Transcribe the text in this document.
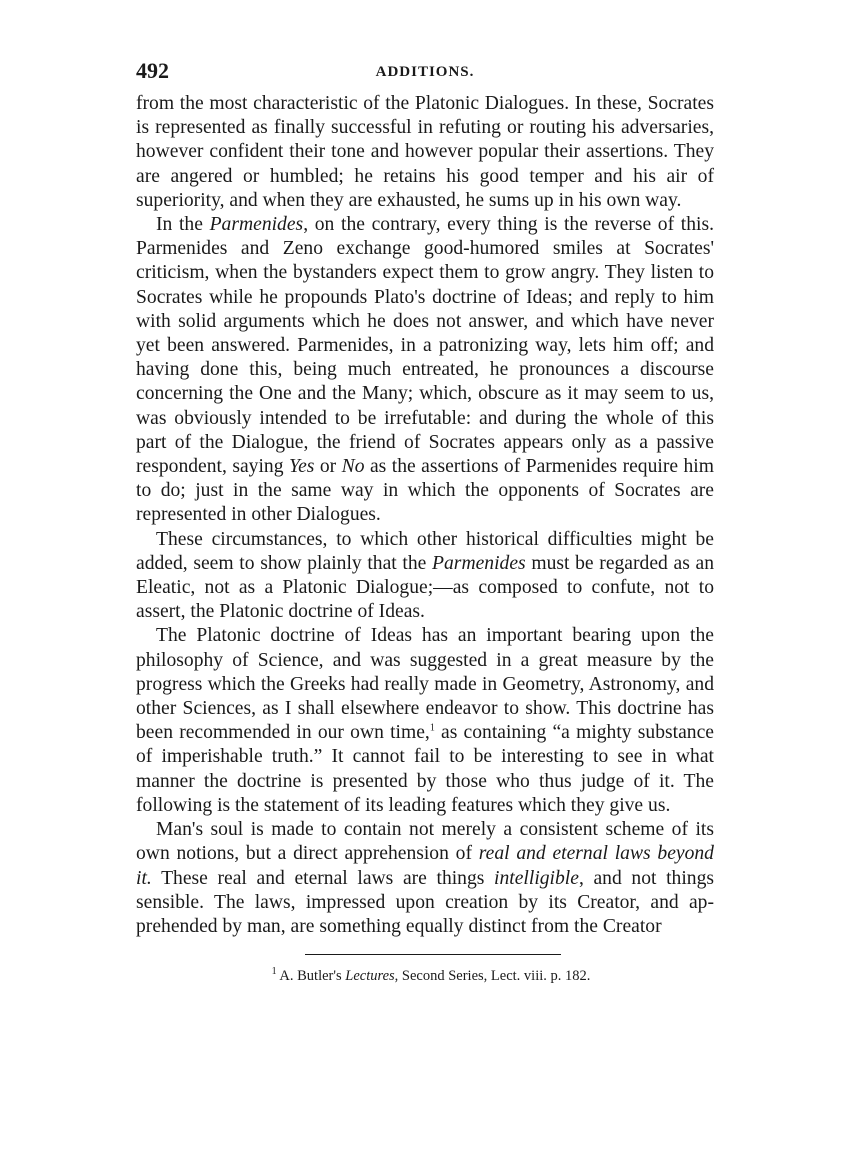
492	ADDITIONS.

from the most characteristic of the Platonic Dialogues. In these, Socrates is represented as finally successful in refuting or routing his adversaries, however confident their tone and however popular their assertions. They are angered or humbled; he retains his good temper and his air of superiority, and when they are exhausted, he sums up in his own way.

In the Parmenides, on the contrary, every thing is the reverse of this. Parmenides and Zeno exchange good-humored smiles at Socrates' criticism, when the bystanders expect them to grow angry. They listen to Socrates while he propounds Plato's doctrine of Ideas; and reply to him with solid arguments which he does not answer, and which have never yet been answered. Parmenides, in a patronizing way, lets him off; and having done this, being much entreated, he pronounces a discourse concerning the One and the Many; which, obscure as it may seem to us, was obviously intended to be irrefutable: and during the whole of this part of the Dialogue, the friend of Socrates appears only as a passive respondent, saying Yes or No as the assertions of Parmenides require him to do; just in the same way in which the opponents of Socrates are represented in other Dialogues.

These circumstances, to which other historical difficulties might be added, seem to show plainly that the Parmenides must be regarded as an Eleatic, not as a Platonic Dialogue;—as composed to confute, not to assert, the Platonic doctrine of Ideas.

The Platonic doctrine of Ideas has an important bearing upon the philosophy of Science, and was suggested in a great measure by the progress which the Greeks had really made in Geometry, Astronomy, and other Sciences, as I shall elsewhere endeavor to show. This doctrine has been recommended in our own time,$^1$ as containing “a mighty substance of imperishable truth.” It cannot fail to be interesting to see in what manner the doctrine is presented by those who thus judge of it. The following is the statement of its leading features which they give us.

Man's soul is made to contain not merely a consistent scheme of its own notions, but a direct apprehension of real and eternal laws beyond it. These real and eternal laws are things intelligible, and not things sensible. The laws, impressed upon creation by its Creator, and apprehended by man, are something equally distinct from the Creator

$^1$ A. Butler's Lectures, Second Series, Lect. viii. p. 182.
